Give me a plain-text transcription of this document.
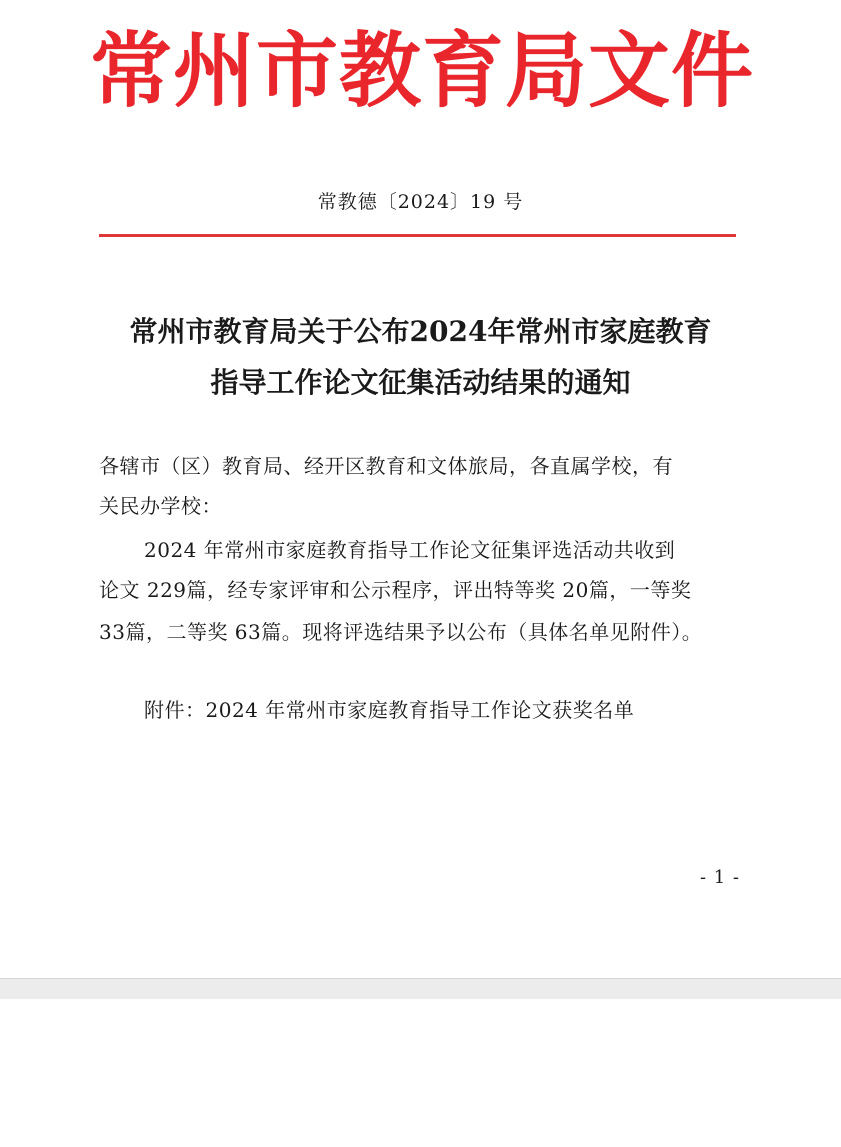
常州市教育局文件
常教德〔2024〕19 号
常州市教育局关于公布2024年常州市家庭教育
指导工作论文征集活动结果的通知
各辖市（区）教育局、经开区教育和文体旅局，各直属学校，有
关民办学校：
2024 年常州市家庭教育指导工作论文征集评选活动共收到
论文 229篇，经专家评审和公示程序，评出特等奖 20篇，一等奖
33篇，二等奖 63篇。现将评选结果予以公布（具体名单见附件）。
附件：2024 年常州市家庭教育指导工作论文获奖名单
- 1 -
